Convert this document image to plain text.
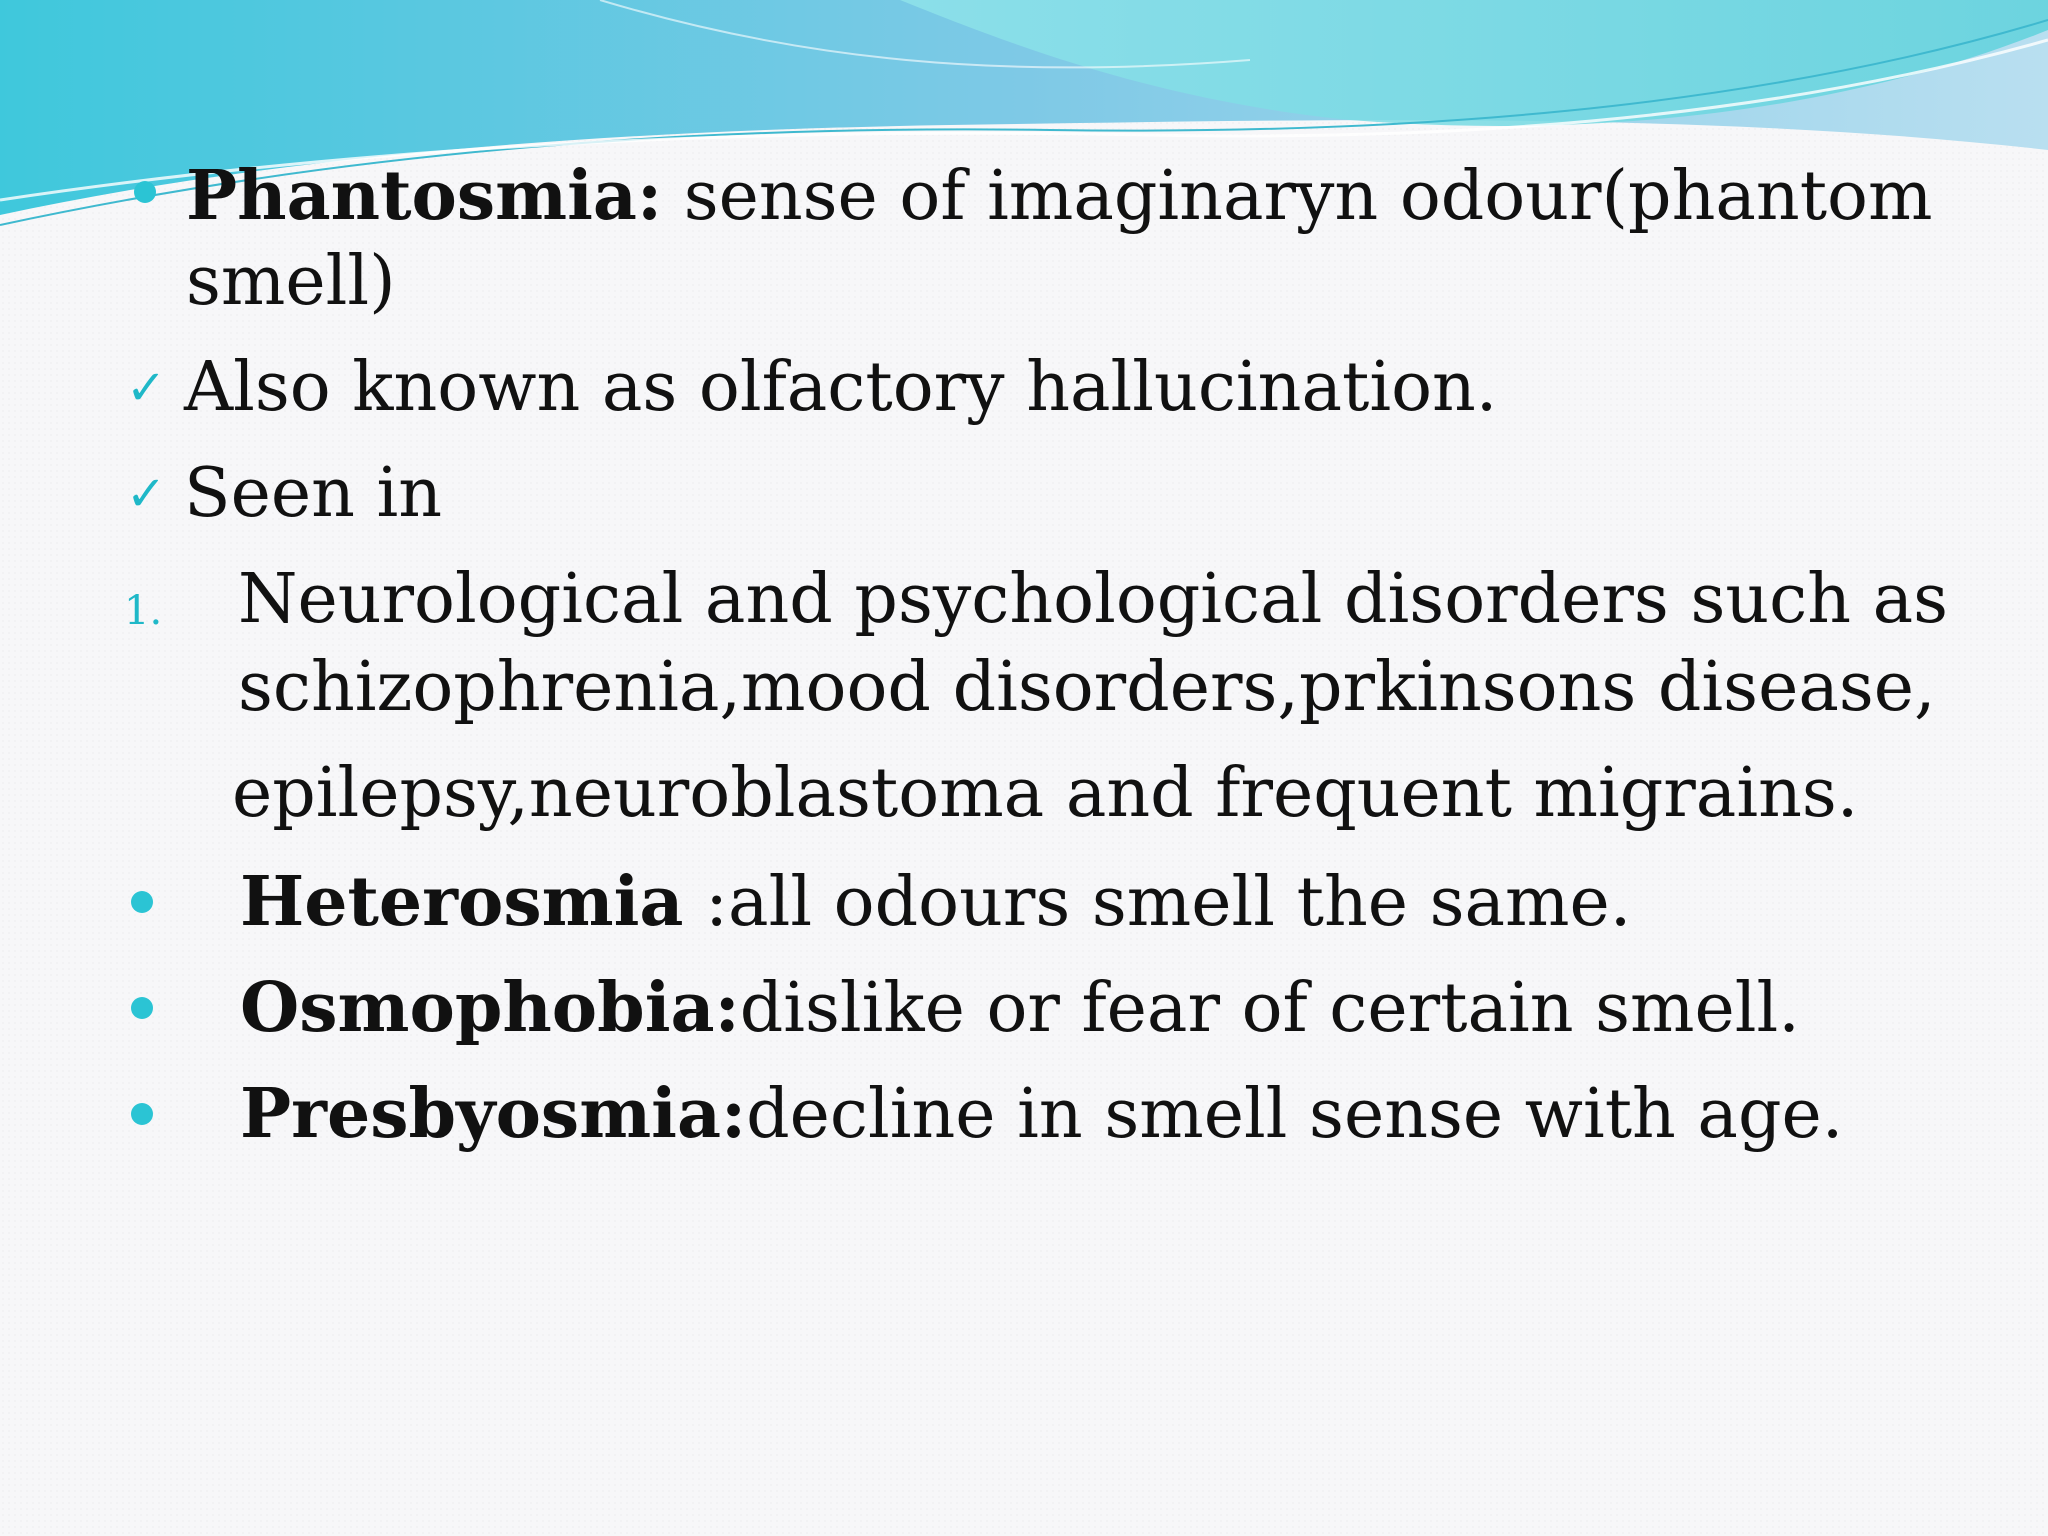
Phantosmia: sense of imaginaryn odour(phantom

smell)

✓ Also known as olfactory hallucination.

✓ Seen in

1. Neurological and psychological disorders such as

schizophrenia,mood disorders,prkinsons disease,

epilepsy,neuroblastoma and frequent migrains.

Heterosmia :all odours smell the same.

Osmophobia:dislike or fear of certain smell.

Presbyosmia:decline in smell sense with age.
